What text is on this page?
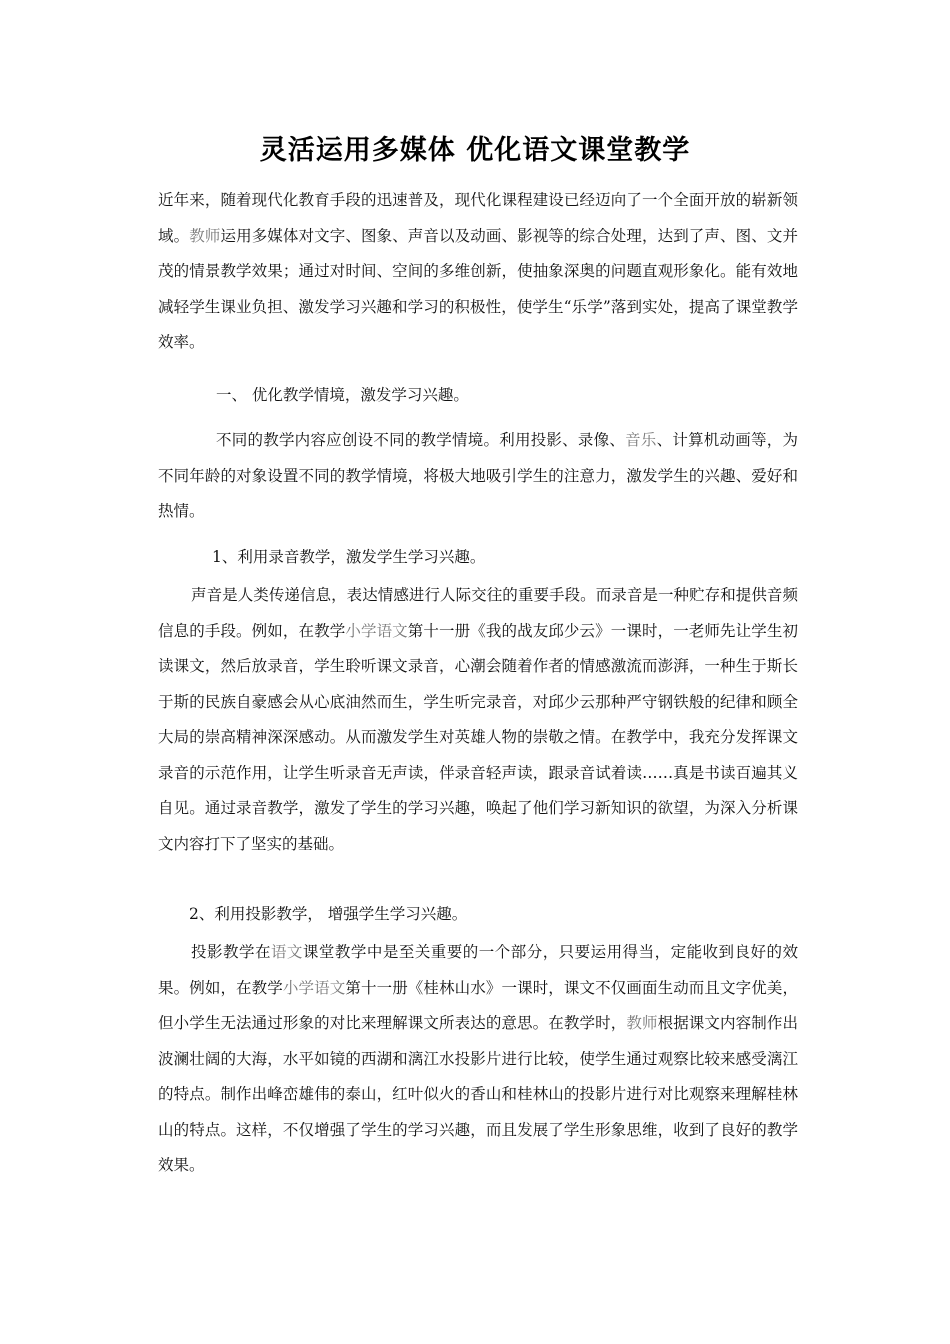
灵活运用多媒体 优化语文课堂教学

近年来，随着现代化教育手段的迅速普及，现代化课程建设已经迈向了一个全面开放的崭新领域。教师运用多媒体对文字、图象、声音以及动画、影视等的综合处理，达到了声、图、文并茂的情景教学效果；通过对时间、空间的多维创新，使抽象深奥的问题直观形象化。能有效地减轻学生课业负担、激发学习兴趣和学习的积极性，使学生“乐学”落到实处，提高了课堂教学效率。

一、 优化教学情境，激发学习兴趣。

不同的教学内容应创设不同的教学情境。利用投影、录像、音乐、计算机动画等，为不同年龄的对象设置不同的教学情境，将极大地吸引学生的注意力，激发学生的兴趣、爱好和热情。

1、利用录音教学，激发学生学习兴趣。

声音是人类传递信息，表达情感进行人际交往的重要手段。而录音是一种贮存和提供音频信息的手段。例如，在教学小学语文第十一册《我的战友邱少云》一课时，一老师先让学生初读课文，然后放录音，学生聆听课文录音，心潮会随着作者的情感激流而澎湃，一种生于斯长于斯的民族自豪感会从心底油然而生，学生听完录音，对邱少云那种严守钢铁般的纪律和顾全大局的崇高精神深深感动。从而激发学生对英雄人物的崇敬之情。在教学中，我充分发挥课文录音的示范作用，让学生听录音无声读，伴录音轻声读，跟录音试着读……真是书读百遍其义自见。通过录音教学，激发了学生的学习兴趣，唤起了他们学习新知识的欲望，为深入分析课文内容打下了坚实的基础。

2、利用投影教学， 增强学生学习兴趣。

投影教学在语文课堂教学中是至关重要的一个部分，只要运用得当，定能收到良好的效果。例如，在教学小学语文第十一册《桂林山水》一课时，课文不仅画面生动而且文字优美，但小学生无法通过形象的对比来理解课文所表达的意思。在教学时，教师根据课文内容制作出波澜壮阔的大海，水平如镜的西湖和漓江水投影片进行比较，使学生通过观察比较来感受漓江的特点。制作出峰峦雄伟的泰山，红叶似火的香山和桂林山的投影片进行对比观察来理解桂林山的特点。这样，不仅增强了学生的学习兴趣，而且发展了学生形象思维，收到了良好的教学效果。
